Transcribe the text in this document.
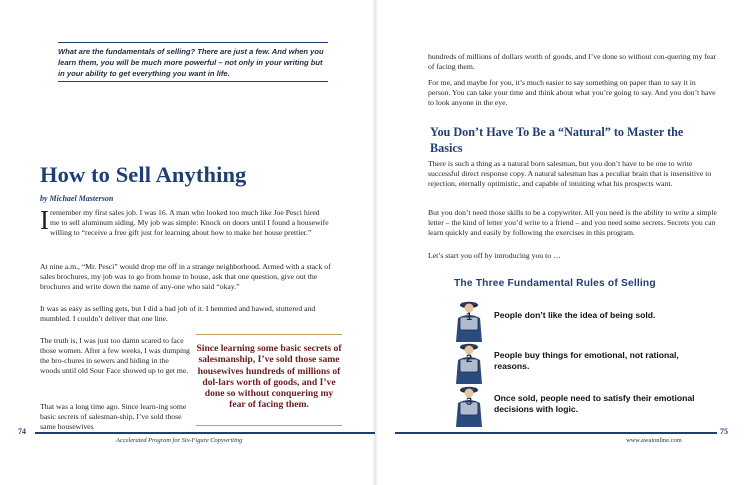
What are the fundamentals of selling? There are just a few. And when you learn them, you will be much more powerful – not only in your writing but in your ability to get everything you want in life.

How to Sell Anything
by Michael Masterson
I remember my first sales job. I was 16. A man who looked too much like Joe Pesci hired me to sell aluminum siding. My job was simple: Knock on doors until I found a housewife willing to “receive a free gift just for learning about how to make her house prettier.”

At nine a.m., “Mr. Pesci” would drop me off in a strange neighborhood. Armed with a stack of sales brochures, my job was to go from house to house, ask that one question, give out the brochures and write down the name of any-one who said “okay.”

It was as easy as selling gets, but I did a bad job of it. I hemmed and hawed, stuttered and mumbled. I couldn’t deliver that one line.

The truth is, I was just too damn scared to face those women. After a few weeks, I was dumping the bro-chures in sewers and hiding in the woods until old Sour Face showed up to get me.

That was a long time ago. Since learn-ing some basic secrets of salesman-ship, I’ve sold those same housewives

Since learning some basic secrets of salesmanship, I’ve sold those same housewives hundreds of millions of dol-lars worth of goods, and I’ve done so without conquering my fear of facing them.

74
Accelerated Program for Six-Figure Copywriting

hundreds of millions of dollars worth of goods, and I’ve done so without con-quering my fear of facing them.

For me, and maybe for you, it’s much easier to say something on paper than to say it in person. You can take your time and think about what you’re going to say. And you don’t have to look anyone in the eye.

You Don’t Have To Be a “Natural” to Master the Basics

There is such a thing as a natural born salesman, but you don’t have to be one to write successful direct response copy. A natural salesman has a peculiar brain that is insensitive to rejection, eternally optimistic, and capable of intuiting what his prospects want.

But you don’t need those skills to be a copywriter. All you need is the ability to write a simple letter – the kind of letter you’d write to a friend – and you need some secrets. Secrets you can learn quickly and easily by following the exercises in this program.

Let’s start you off by introducing you to …

The Three Fundamental Rules of Selling
1	People don’t like the idea of being sold.
2	People buy things for emotional, not rational, reasons.
3	Once sold, people need to satisfy their emotional decisions with logic.
75
www.awaionline.com
